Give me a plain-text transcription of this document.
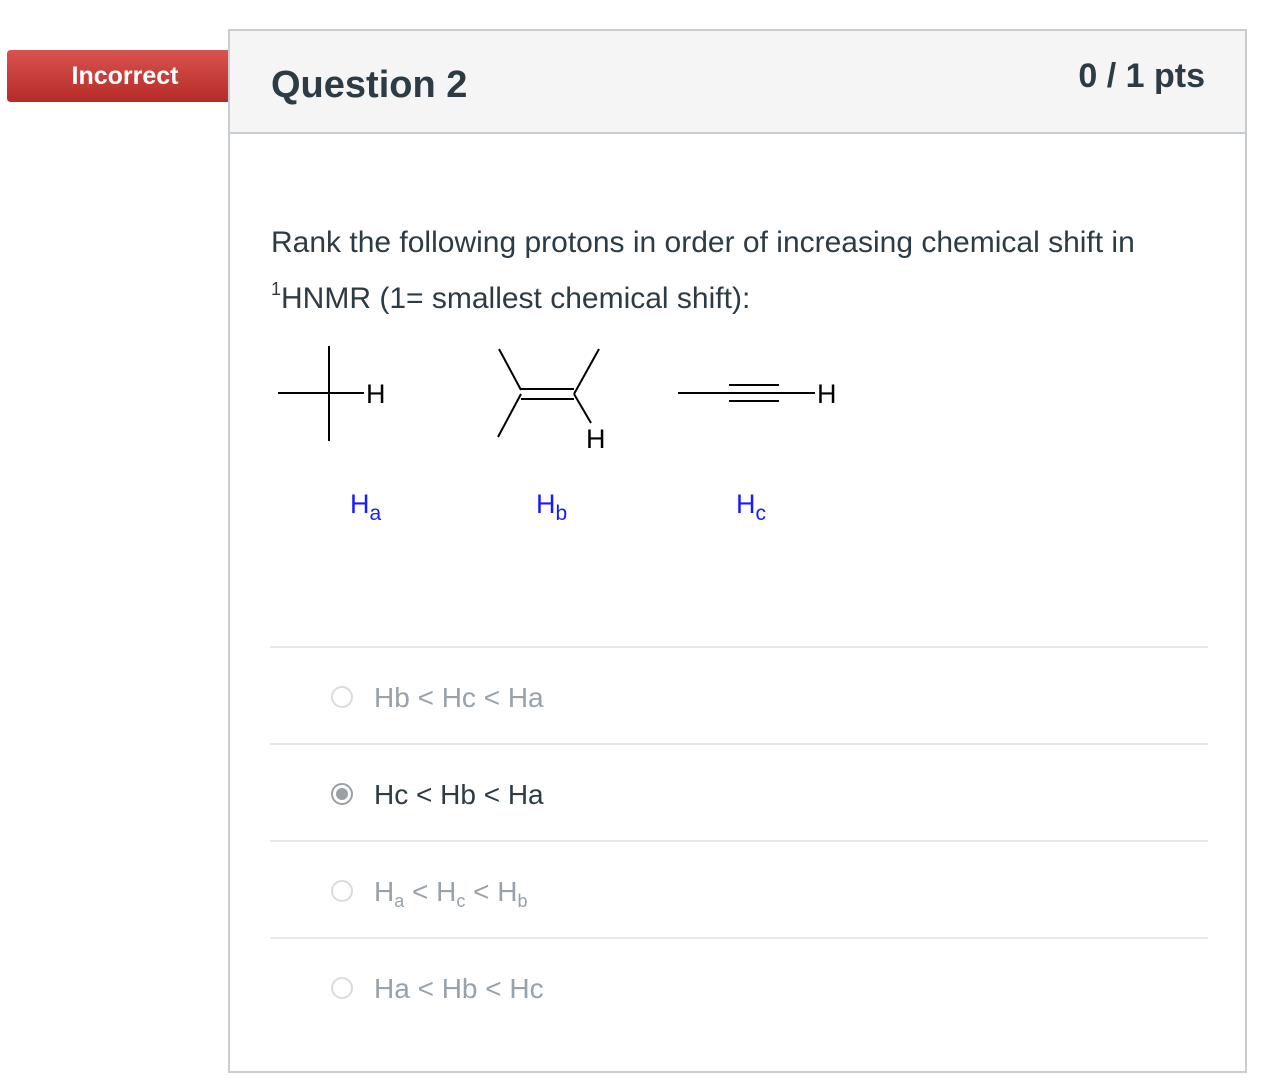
Incorrect	Question 2	0 / 1 pts
Rank the following protons in order of increasing chemical shift in
$^1$HNMR (1= smallest chemical shift):
H
H
H
$H_a$	$H_b$	$H_c$
Hb < Hc < Ha
Hc < Hb < Ha
$H_a < H_c < H_b$
Ha < Hb < Hc
